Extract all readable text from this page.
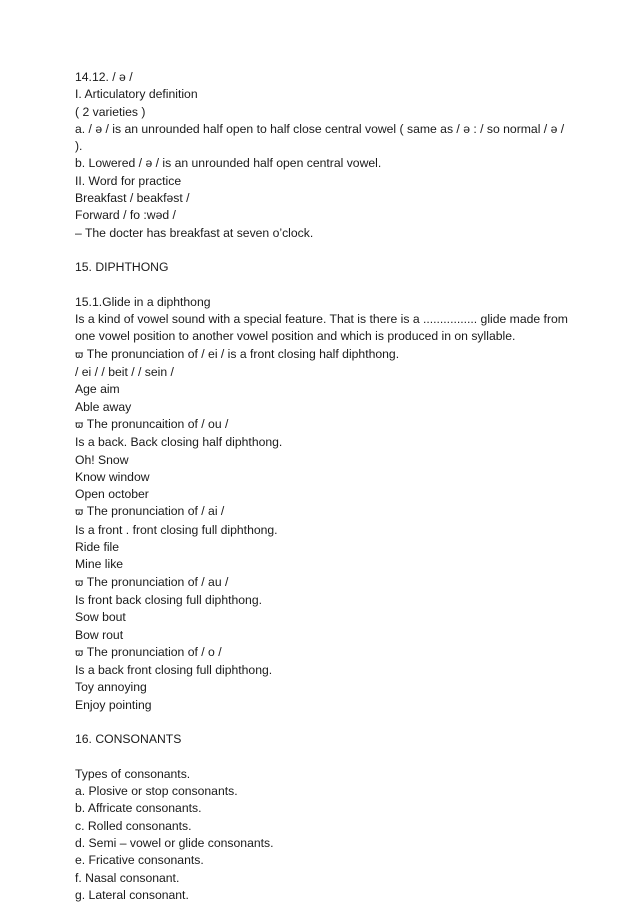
14.12. / ə /
I. Articulatory definition
( 2 varieties )
a. / ə / is an unrounded half open to half close central vowel ( same as / ə : / so normal / ə /
).
b. Lowered / ə / is an unrounded half open central vowel.
II. Word for practice
Breakfast / beakfəst /
Forward / fo :wəd /
– The docter has breakfast at seven o’clock.
15. DIPHTHONG
15.1.Glide in a diphthong
Is a kind of vowel sound with a special feature. That is there is a ................ glide made from
one vowel position to another vowel position and which is produced in on syllable.
ϖ The pronunciation of / ei / is a front closing half diphthong.
/ ei / / beit / / sein /
Age aim
Able away
ϖ The pronuncaition of / ou /
Is a back. Back closing half diphthong.
Oh! Snow
Know window
Open october
ϖ The pronunciation of / ai /
Is a front . front closing full diphthong.
Ride file
Mine like
ϖ The pronunciation of / au /
Is front back closing full diphthong.
Sow bout
Bow rout
ϖ The pronunciation of / o /
Is a back front closing full diphthong.
Toy annoying
Enjoy pointing
16. CONSONANTS
Types of consonants.
a. Plosive or stop consonants.
b. Affricate consonants.
c. Rolled consonants.
d. Semi – vowel or glide consonants.
e. Fricative consonants.
f. Nasal consonant.
g. Lateral consonant.
